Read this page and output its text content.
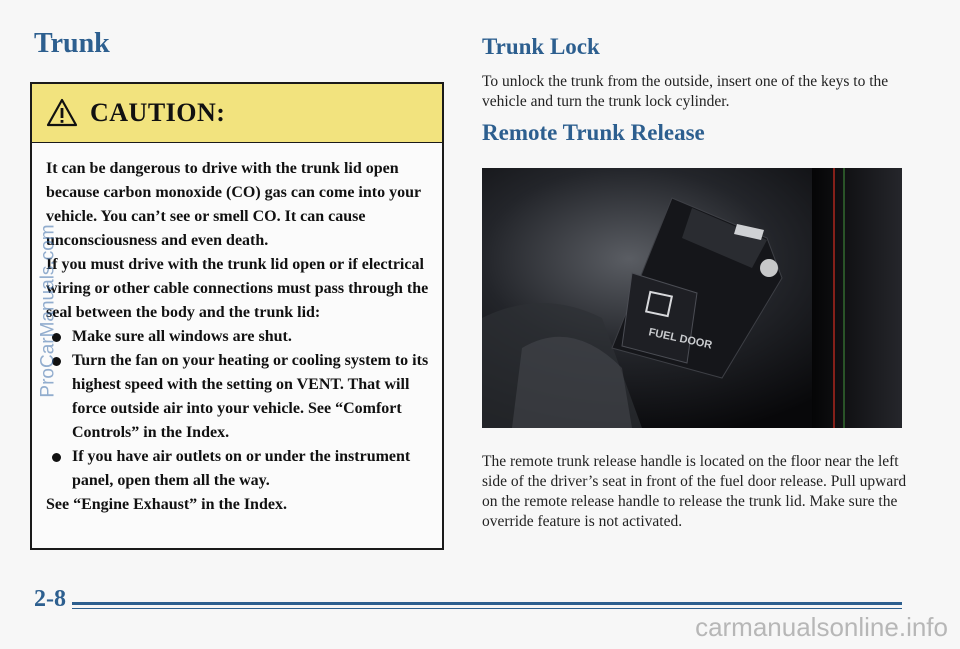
Trunk
CAUTION:

It can be dangerous to drive with the trunk lid open because carbon monoxide (CO) gas can come into your vehicle. You can’t see or smell CO. It can cause unconsciousness and even death.

If you must drive with the trunk lid open or if electrical wiring or other cable connections must pass through the seal between the body and the trunk lid:

Make sure all windows are shut.
Turn the fan on your heating or cooling system to its highest speed with the setting on VENT. That will force outside air into your vehicle. See “Comfort Controls” in the Index.
If you have air outlets on or under the instrument panel, open them all the way.

See “Engine Exhaust” in the Index.

Trunk Lock

To unlock the trunk from the outside, insert one of the keys to the vehicle and turn the trunk lock cylinder.

Remote Trunk Release
FUEL DOOR

The remote trunk release handle is located on the floor near the left side of the driver’s seat in front of the fuel door release. Pull upward on the remote release handle to release the trunk lid. Make sure the override feature is not activated.

2-8
ProCarManuals.com
carmanualsonline.info
